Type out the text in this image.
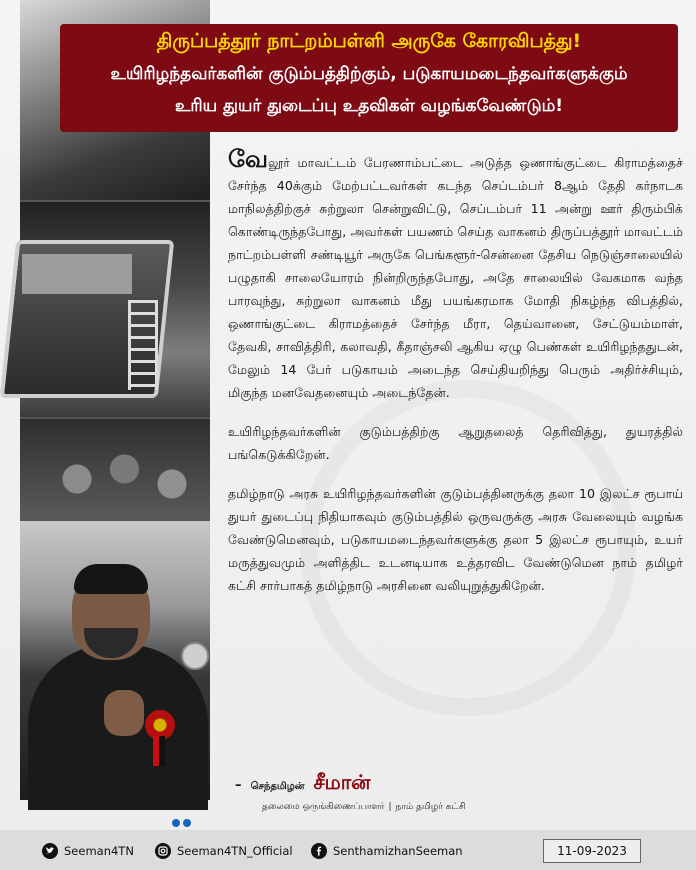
திருப்பத்தூர் நாட்றம்பள்ளி அருகே கோரவிபத்து!
உயிரிழந்தவர்களின் குடும்பத்திற்கும், படுகாயமடைந்தவர்களுக்கும்
உரிய துயர் துடைப்பு உதவிகள் வழங்கவேண்டும்!

வேலூர் மாவட்டம் பேரணாம்பட்டை அடுத்த ஒணாங்குட்டை கிராமத்தைச் சேர்ந்த 40க்கும் மேற்பட்டவர்கள் கடந்த செப்டம்பர் 8ஆம் தேதி கர்நாடக மாநிலத்திற்குச் சுற்றுலா சென்றுவிட்டு, செப்டம்பர் 11 அன்று ஊர் திரும்பிக் கொண்டிருந்தபோது, அவர்கள் பயணம் செய்த வாகனம் திருப்பத்தூர் மாவட்டம் நாட்றம்பள்ளி சண்டியூர் அருகே பெங்களூர்-சென்னை தேசிய நெடுஞ்சாலையில் பழுதாகி சாலையோரம் நின்றிருந்தபோது, அதே சாலையில் வேகமாக வந்த பாரவுந்து, சுற்றுலா வாகனம் மீது பயங்கரமாக மோதி நிகழ்ந்த விபத்தில், ஒணாங்குட்டை கிராமத்தைச் சேர்ந்த மீரா, தெய்வானை, சேட்டுயம்மாள், தேவகி, சாவித்திரி, கலாவதி, கீதாஞ்சலி ஆகிய ஏழு பெண்கள் உயிரிழந்ததுடன், மேலும் 14 பேர் படுகாயம் அடைந்த செய்தியறிந்து பெரும் அதிர்ச்சியும், மிகுந்த மனவேதனையும் அடைந்தேன்.

உயிரிழந்தவர்களின் குடும்பத்திற்கு ஆறுதலைத் தெரிவித்து, துயரத்தில் பங்கெடுக்கிறேன்.

தமிழ்நாடு அரசு உயிரிழந்தவர்களின் குடும்பத்தினருக்கு தலா 10 இலட்ச ரூபாய் துயர் துடைப்பு நிதியாகவும் குடும்பத்தில் ஒருவருக்கு அரசு வேலையும் வழங்க வேண்டுமெனவும், படுகாயமடைந்தவர்களுக்கு தலா 5 இலட்ச ரூபாயும், உயர் மருத்துவமும் அளித்திட உடனடியாக உத்தரவிட வேண்டுமென நாம் தமிழர் கட்சி சார்பாகத் தமிழ்நாடு அரசினை வலியுறுத்துகிறேன்.

– செந்தமிழன் சீமான்
தலைமை ஒருங்கிணைப்பாளர் | நாம் தமிழர் கட்சி
Seeman4TN	Seeman4TN_Official	SenthamizhanSeeman	11-09-2023
